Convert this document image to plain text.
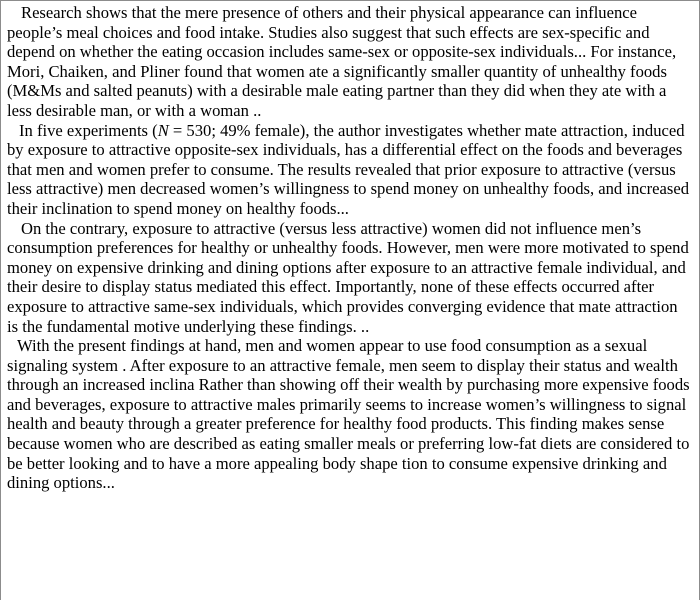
Research shows that the mere presence of others and their physical appearance can influence people’s meal choices and food intake. Studies also suggest that such effects are sex-specific and depend on whether the eating occasion includes same-sex or opposite-sex individuals... For instance, Mori, Chaiken, and Pliner found that women ate a significantly smaller quantity of unhealthy foods (M&Ms and salted peanuts) with a desirable male eating partner than they did when they ate with a less desirable man, or with a woman ..

In five experiments (N = 530; 49% female), the author investigates whether mate attraction, induced by exposure to attractive opposite-sex individuals, has a differential effect on the foods and beverages that men and women prefer to consume. The results revealed that prior exposure to attractive (versus less attractive) men decreased women’s willingness to spend money on unhealthy foods, and increased their inclination to spend money on healthy foods...

On the contrary, exposure to attractive (versus less attractive) women did not influence men’s consumption preferences for healthy or unhealthy foods. However, men were more motivated to spend money on expensive drinking and dining options after exposure to an attractive female individual, and their desire to display status mediated this effect. Importantly, none of these effects occurred after exposure to attractive same-sex individuals, which provides converging evidence that mate attraction is the fundamental motive underlying these findings. ..

With the present findings at hand, men and women appear to use food consumption as a sexual signaling system . After exposure to an attractive female, men seem to display their status and wealth through an increased inclina Rather than showing off their wealth by purchasing more expensive foods and beverages, exposure to attractive males primarily seems to increase women’s willingness to signal health and beauty through a greater preference for healthy food products. This finding makes sense because women who are described as eating smaller meals or preferring low-fat diets are considered to be better looking and to have a more appealing body shape tion to consume expensive drinking and dining options...
